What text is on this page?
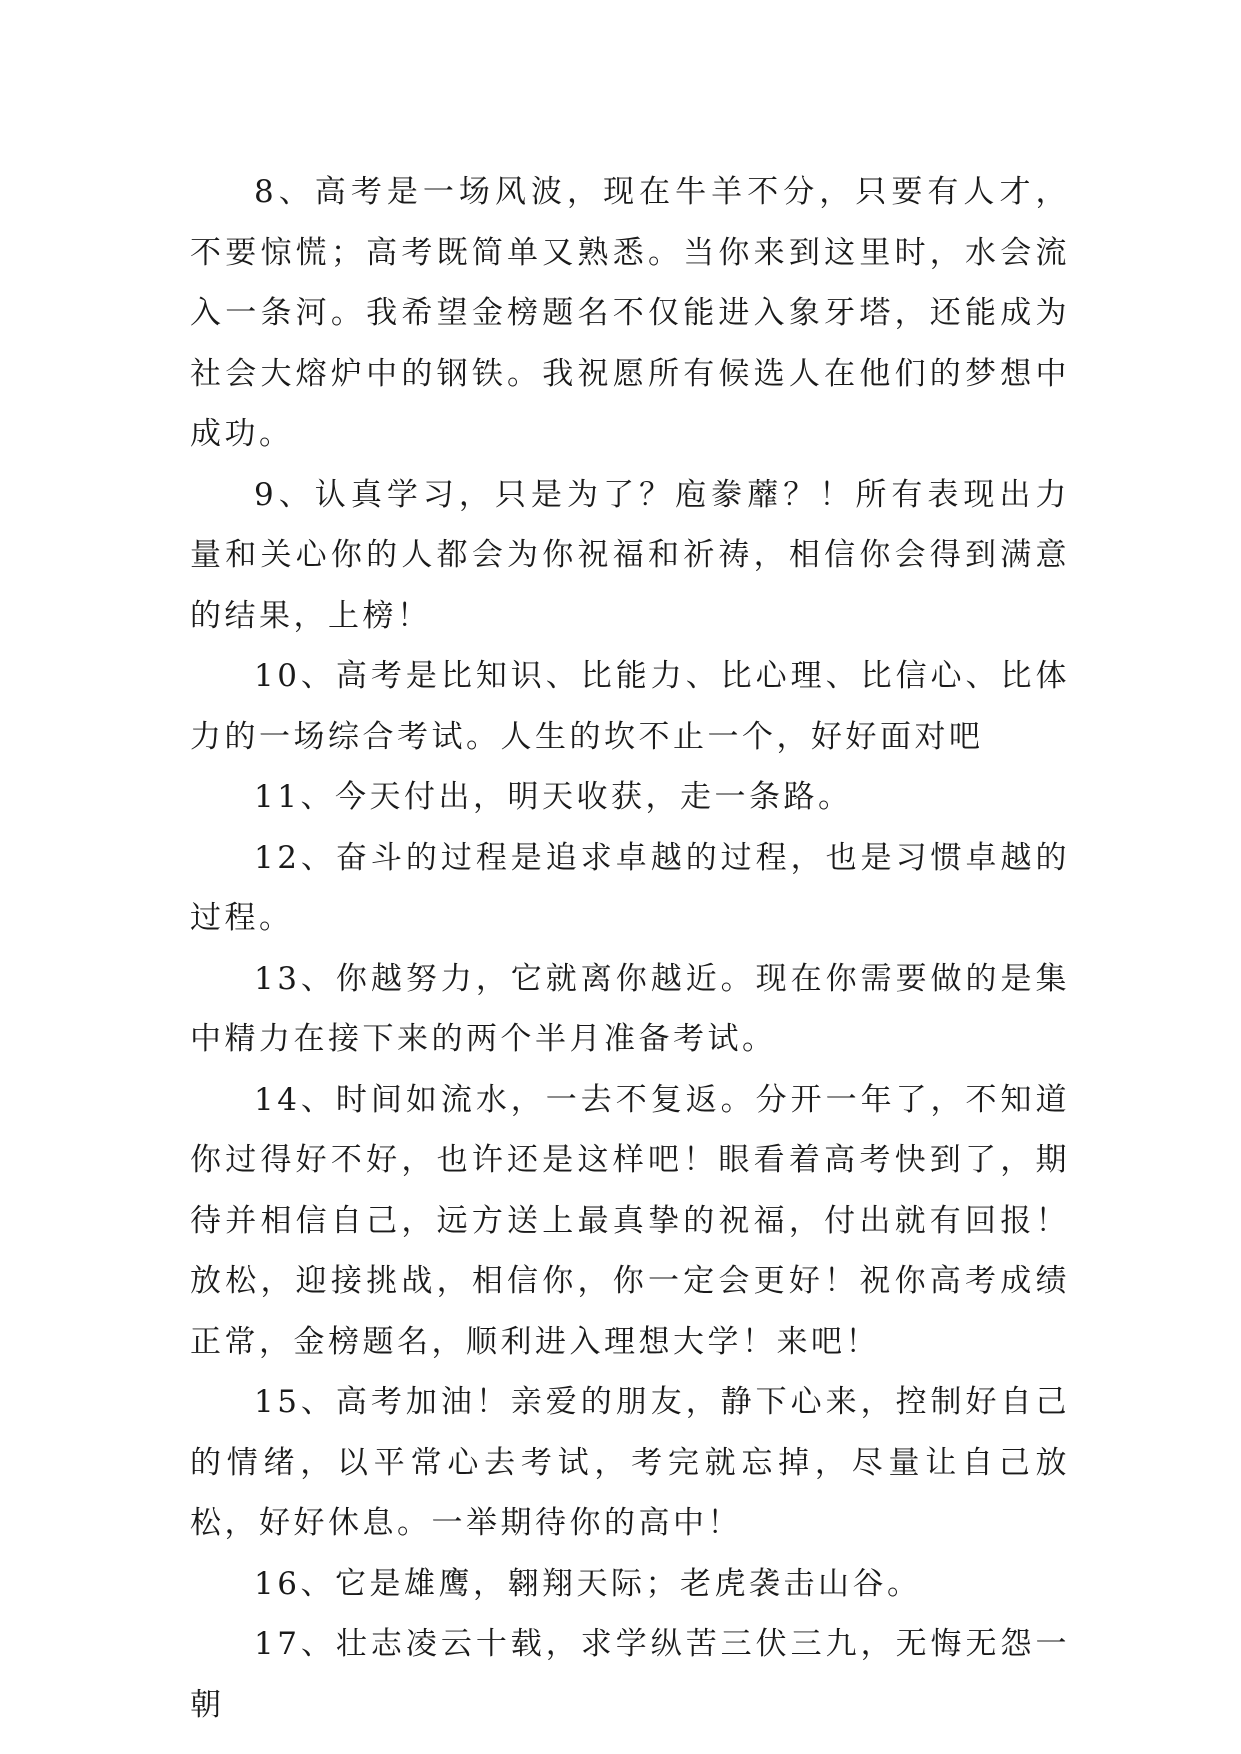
8、高考是一场风波，现在牛羊不分，只要有人才，不要惊慌；高考既简单又熟悉。当你来到这里时，水会流入一条河。我希望金榜题名不仅能进入象牙塔，还能成为社会大熔炉中的钢铁。我祝愿所有候选人在他们的梦想中成功。

9、认真学习，只是为了？庖豢蘼？！所有表现出力量和关心你的人都会为你祝福和祈祷，相信你会得到满意的结果，上榜！

10、高考是比知识、比能力、比心理、比信心、比体力的一场综合考试。人生的坎不止一个，好好面对吧

11、今天付出，明天收获，走一条路。

12、奋斗的过程是追求卓越的过程，也是习惯卓越的过程。

13、你越努力，它就离你越近。现在你需要做的是集中精力在接下来的两个半月准备考试。

14、时间如流水，一去不复返。分开一年了，不知道你过得好不好，也许还是这样吧！眼看着高考快到了，期待并相信自己，远方送上最真挚的祝福，付出就有回报！放松，迎接挑战，相信你，你一定会更好！祝你高考成绩正常，金榜题名，顺利进入理想大学！来吧！

15、高考加油！亲爱的朋友，静下心来，控制好自己的情绪，以平常心去考试，考完就忘掉，尽量让自己放松，好好休息。一举期待你的高中！

16、它是雄鹰，翱翔天际；老虎袭击山谷。

17、壮志凌云十载，求学纵苦三伏三九，无悔无怨一朝
